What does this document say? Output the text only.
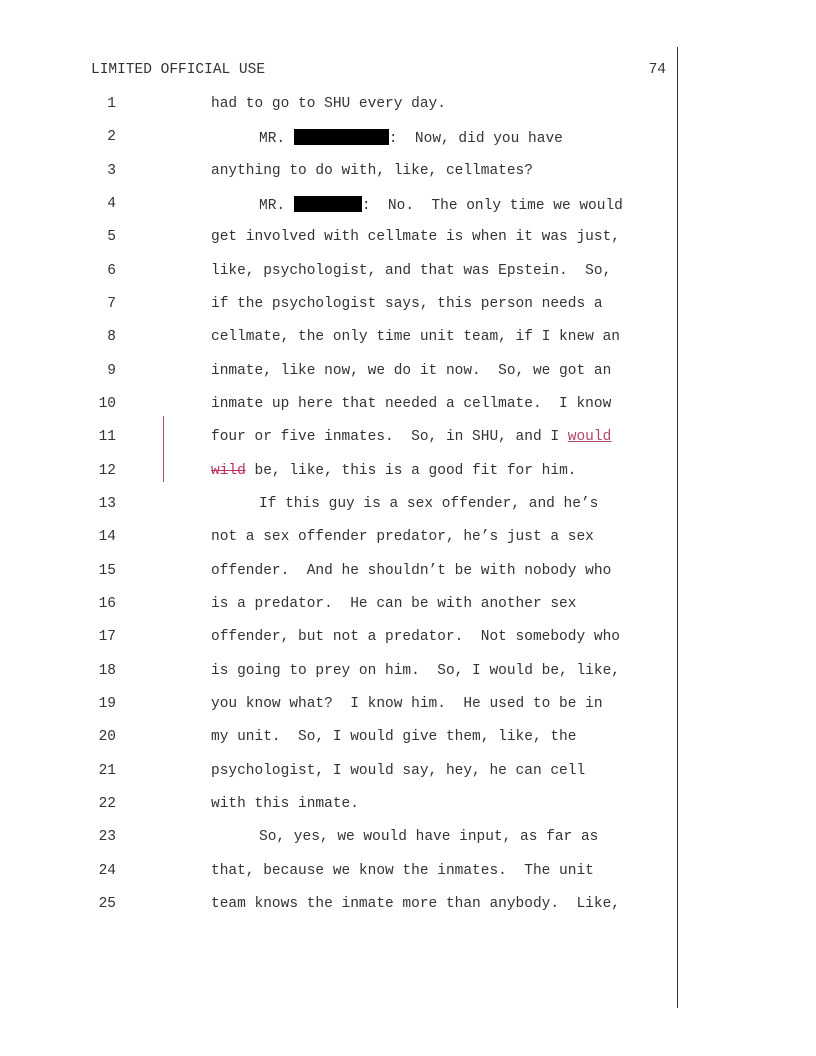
LIMITED OFFICIAL USE	74
1	had to go to SHU every day.
2	MR.	:  Now, did you have
3	anything to do with, like, cellmates?
4	MR.	:  No.  The only time we would
5	get involved with cellmate is when it was just,
6	like, psychologist, and that was Epstein.  So,
7	if the psychologist says, this person needs a
8	cellmate, the only time unit team, if I knew an
9	inmate, like now, we do it now.  So, we got an
10	inmate up here that needed a cellmate.  I know
11	four or five inmates.  So, in SHU, and I would
12	wild be, like, this is a good fit for him.
13	If this guy is a sex offender, and he’s
14	not a sex offender predator, he’s just a sex
15	offender.  And he shouldn’t be with nobody who
16	is a predator.  He can be with another sex
17	offender, but not a predator.  Not somebody who
18	is going to prey on him.  So, I would be, like,
19	you know what?  I know him.  He used to be in
20	my unit.  So, I would give them, like, the
21	psychologist, I would say, hey, he can cell
22	with this inmate.
23	So, yes, we would have input, as far as
24	that, because we know the inmates.  The unit
25	team knows the inmate more than anybody.  Like,
